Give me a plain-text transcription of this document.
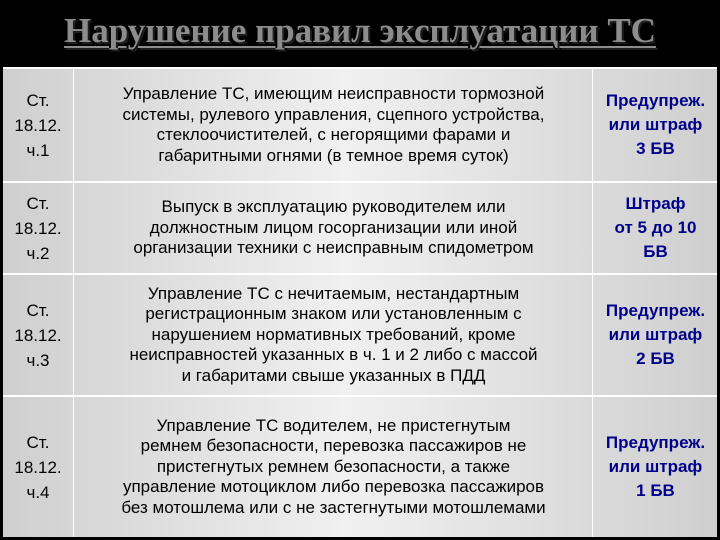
Нарушение правил эксплуатации ТС
Ст.
18.12.
ч.1
Управление ТС, имеющим неисправности тормозной
системы, рулевого управления, сцепного устройства,
стеклоочистителей, с негорящими фарами и
габаритными огнями (в темное время суток)
Предупреж.
или штраф
3 БВ
Ст.
18.12.
ч.2
Выпуск в эксплуатацию руководителем или
должностным лицом госорганизации или иной
организации техники с неисправным спидометром
Штраф
от 5 до 10
БВ
Ст.
18.12.
ч.3
Управление ТС с нечитаемым, нестандартным
регистрационным знаком или установленным с
нарушением нормативных требований, кроме
неисправностей указанных в ч. 1 и 2 либо с массой
и габаритами свыше указанных в ПДД
Предупреж.
или штраф
2 БВ
Ст.
18.12.
ч.4
Управление ТС водителем, не пристегнутым
ремнем безопасности, перевозка пассажиров не
пристегнутых ремнем безопасности, а также
управление мотоциклом либо перевозка пассажиров
без мотошлема или с не застегнутыми мотошлемами
Предупреж.
или штраф
1 БВ
